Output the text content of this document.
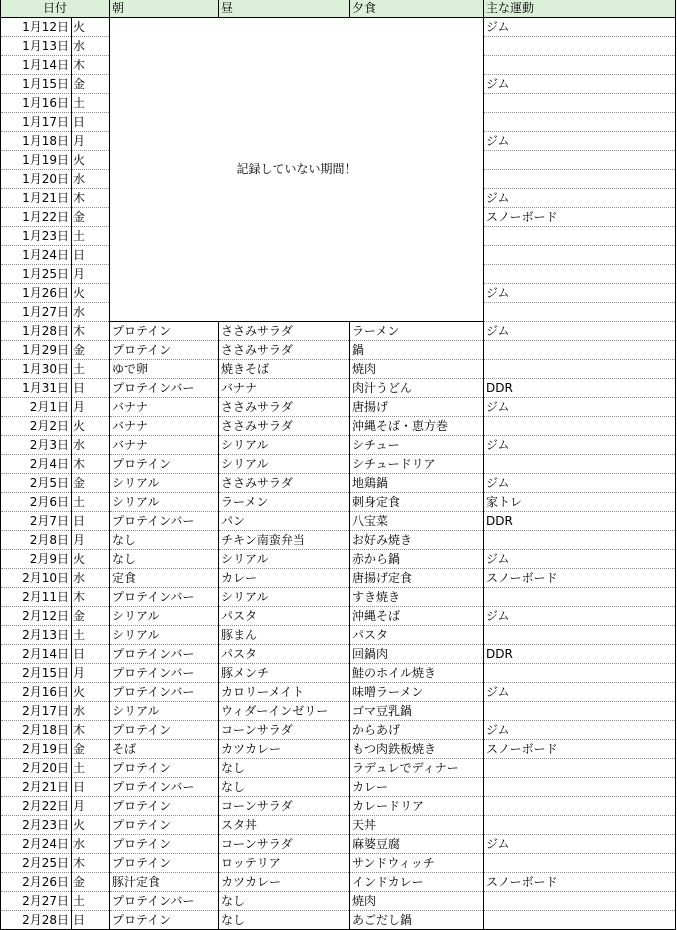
日付		朝	昼	夕食	主な運動
1月12日	火	記録していない期間！			ジム
1月13日	水				
1月14日	木				
1月15日	金				ジム
1月16日	土				
1月17日	日				
1月18日	月				ジム
1月19日	火				
1月20日	水				
1月21日	木				ジム
1月22日	金				スノーボード
1月23日	土				
1月24日	日				
1月25日	月				
1月26日	火				ジム
1月27日	水				
1月28日	木	プロテイン	ささみサラダ	ラーメン	ジム
1月29日	金	プロテイン	ささみサラダ	鍋	
1月30日	土	ゆで卵	焼きそば	焼肉	
1月31日	日	プロテインバー	バナナ	肉汁うどん	DDR
2月1日	月	バナナ	ささみサラダ	唐揚げ	ジム
2月2日	火	バナナ	ささみサラダ	沖縄そば・恵方巻	
2月3日	水	バナナ	シリアル	シチュー	ジム
2月4日	木	プロテイン	シリアル	シチュードリア	
2月5日	金	シリアル	ささみサラダ	地鶏鍋	ジム
2月6日	土	シリアル	ラーメン	刺身定食	家トレ
2月7日	日	プロテインバー	パン	八宝菜	DDR
2月8日	月	なし	チキン南蛮弁当	お好み焼き	
2月9日	火	なし	シリアル	赤から鍋	ジム
2月10日	水	定食	カレー	唐揚げ定食	スノーボード
2月11日	木	プロテインバー	シリアル	すき焼き	
2月12日	金	シリアル	パスタ	沖縄そば	ジム
2月13日	土	シリアル	豚まん	パスタ	
2月14日	日	プロテインバー	パスタ	回鍋肉	DDR
2月15日	月	プロテインバー	豚メンチ	鮭のホイル焼き	
2月16日	火	プロテインバー	カロリーメイト	味噌ラーメン	ジム
2月17日	水	シリアル	ウィダーインゼリー	ゴマ豆乳鍋	
2月18日	木	プロテイン	コーンサラダ	からあげ	ジム
2月19日	金	そば	カツカレー	もつ肉鉄板焼き	スノーボード
2月20日	土	プロテイン	なし	ラデュレでディナー	
2月21日	日	プロテインバー	なし	カレー	
2月22日	月	プロテイン	コーンサラダ	カレードリア	
2月23日	火	プロテイン	スタ丼	天丼	
2月24日	水	プロテイン	コーンサラダ	麻婆豆腐	ジム
2月25日	木	プロテイン	ロッテリア	サンドウィッチ	
2月26日	金	豚汁定食	カツカレー	インドカレー	スノーボード
2月27日	土	プロテインバー	なし	焼肉	
2月28日	日	プロテイン	なし	あごだし鍋	
